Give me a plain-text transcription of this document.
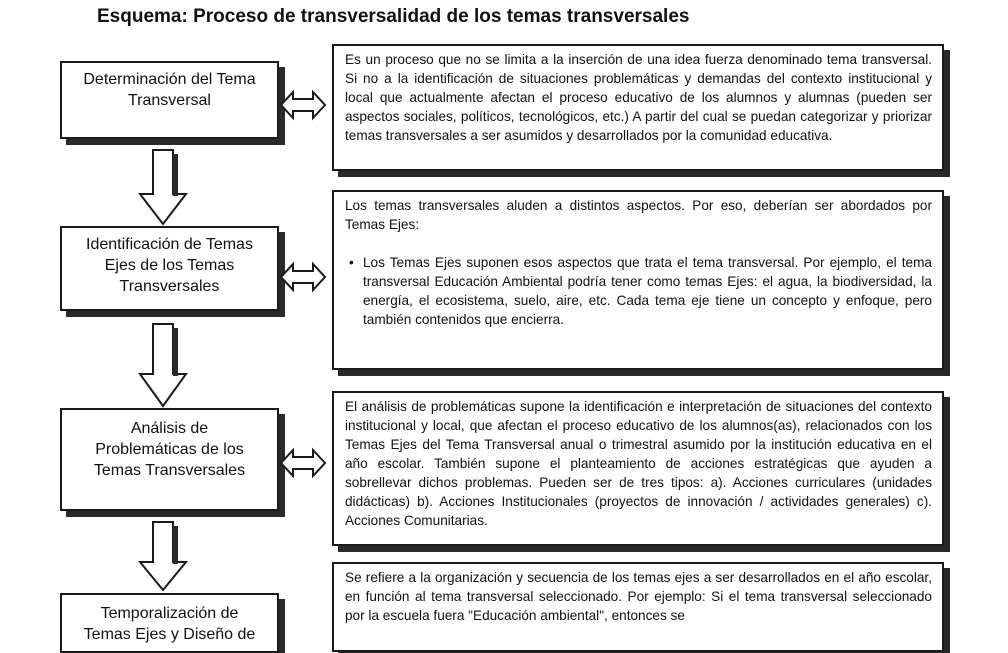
Esquema: Proceso de transversalidad de los temas transversales
Determinación del Tema
Transversal

Es un proceso que no se limita a la inserción de una idea fuerza denominado tema transversal. Si no a la identificación de situaciones problemáticas y demandas del contexto institucional y local que actualmente afectan el proceso educativo de los alumnos y alumnas (pueden ser aspectos sociales, políticos, tecnológicos, etc.) A partir del cual se puedan categorizar y priorizar temas transversales a ser asumidos y desarrollados por la comunidad educativa.

Identificación de Temas
Ejes de los Temas
Transversales

Los temas transversales aluden a distintos aspectos. Por eso, deberían ser abordados por Temas Ejes:

• Los Temas Ejes suponen esos aspectos que trata el tema transversal. Por ejemplo, el tema transversal Educación Ambiental podría tener como temas Ejes: el agua, la biodiversidad, la energía, el ecosistema, suelo, aire, etc. Cada tema eje tiene un concepto y enfoque, pero también contenidos que encierra.
Análisis de
Problemáticas de los
Temas Transversales

El análisis de problemáticas supone la identificación e interpretación de situaciones del contexto institucional y local, que afectan el proceso educativo de los alumnos(as), relacionados con los Temas Ejes del Tema Transversal anual o trimestral asumido por la institución educativa en el año escolar. También supone el planteamiento de acciones estratégicas que ayuden a sobrellevar dichos problemas. Pueden ser de tres tipos: a). Acciones curriculares (unidades didácticas) b). Acciones Institucionales (proyectos de innovación / actividades generales) c). Acciones Comunitarias.

Temporalización de
Temas Ejes y Diseño de

Se refiere a la organización y secuencia de los temas ejes a ser desarrollados en el año escolar, en función al tema transversal seleccionado. Por ejemplo: Si el tema transversal seleccionado por la escuela fuera "Educación ambiental", entonces se
